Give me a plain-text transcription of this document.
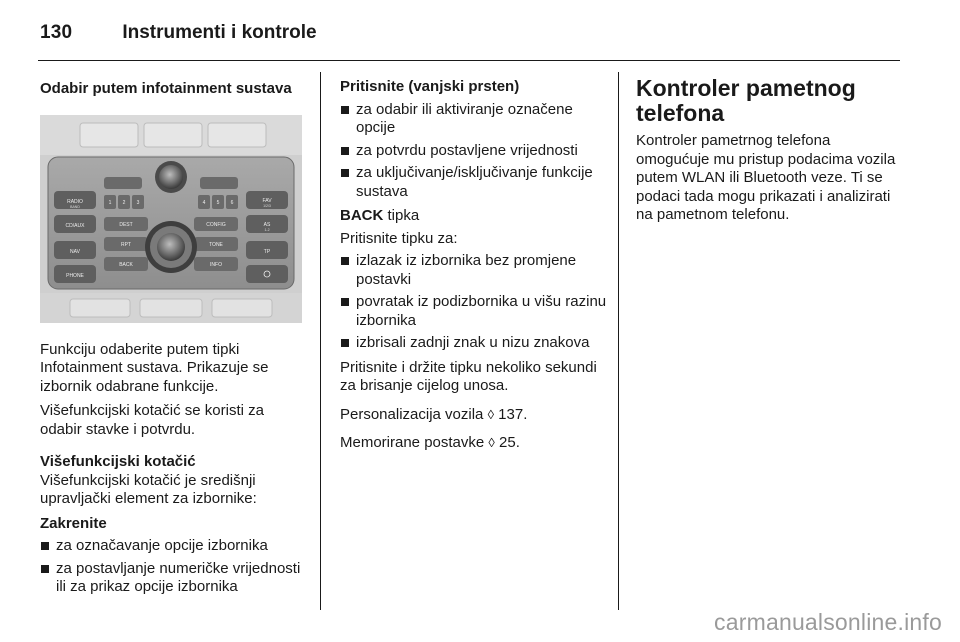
130	Instrumenti i kontrole

Odabir putem infotainment sustava

RADIO
BAND
CD/AUX
NAV
PHONE
FAV
1/2/3
AS
1-2
TP
1 2 3	4 5 6
DEST
RPT
BACK
CONFIG
TONE
INFO

Funkciju odaberite putem tipki Infotainment sustava. Prikazuje se izbornik odabrane funkcije.

Višefunkcijski kotačić se koristi za odabir stavke i potvrdu.

Višefunkcijski kotačić

Višefunkcijski kotačić je središnji upravljački element za izbornike:

Zakrenite

za označavanje opcije izbornika
za postavljanje numeričke vrijednosti ili za prikaz opcije izbornika

Pritisnite (vanjski prsten)

za odabir ili aktiviranje označene opcije
za potvrdu postavljene vrijednosti
za uključivanje/isključivanje funkcije sustava

BACK tipka

Pritisnite tipku za:

izlazak iz izbornika bez promjene postavki
povratak iz podizbornika u višu razinu izbornika
izbrisali zadnji znak u nizu znakova

Pritisnite i držite tipku nekoliko sekundi za brisanje cijelog unosa.

Personalizacija vozila ◊ 137.

Memorirane postavke ◊ 25.

Kontroler pametnog telefona

Kontroler pametrnog telefona omogućuje mu pristup podacima vozila putem WLAN ili Bluetooth veze. Ti se podaci tada mogu prikazati i analizirati na pametnom telefonu.

carmanualsonline.info
